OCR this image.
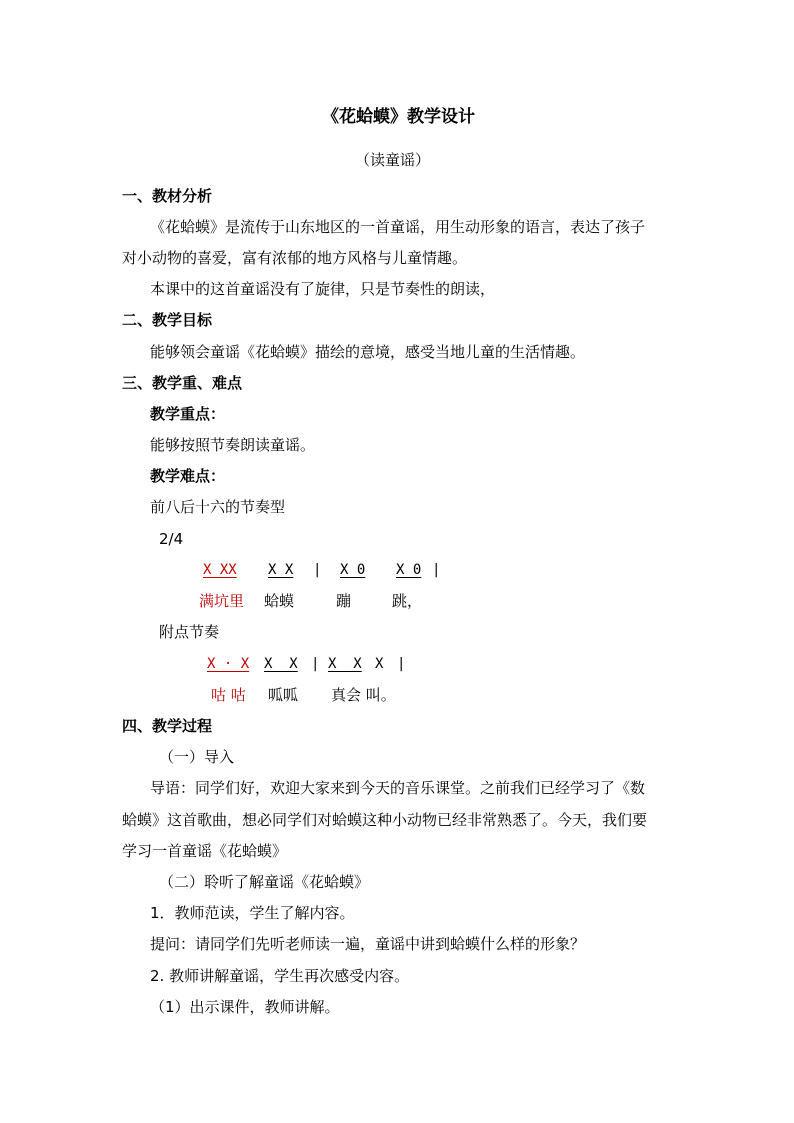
《花蛤蟆》教学设计
（读童谣）
一、教材分析
《花蛤蟆》是流传于山东地区的一首童谣，用生动形象的语言，表达了孩子
对小动物的喜爱，富有浓郁的地方风格与儿童情趣。
本课中的这首童谣没有了旋律，只是节奏性的朗读，
二、教学目标
能够领会童谣《花蛤蟆》描绘的意境，感受当地儿童的生活情趣。
三、教学重、难点
教学重点：
能够按照节奏朗读童谣。
教学难点：
前八后十六的节奏型
2/4
X XX X X | X 0 X 0 |
满坑里 蛤蟆	蹦	跳，
附点节奏
X · X X  X | X  X X |
咕 咕 呱呱 真会 叫。
四、教学过程
（一）导入
导语：同学们好，欢迎大家来到今天的音乐课堂。之前我们已经学习了《数
蛤蟆》这首歌曲，想必同学们对蛤蟆这种小动物已经非常熟悉了。今天，我们要
学习一首童谣《花蛤蟆》
（二）聆听了解童谣《花蛤蟆》
1．教师范读，学生了解内容。
提问：请同学们先听老师读一遍，童谣中讲到蛤蟆什么样的形象？
2. 教师讲解童谣，学生再次感受内容。
（1）出示课件，教师讲解。
